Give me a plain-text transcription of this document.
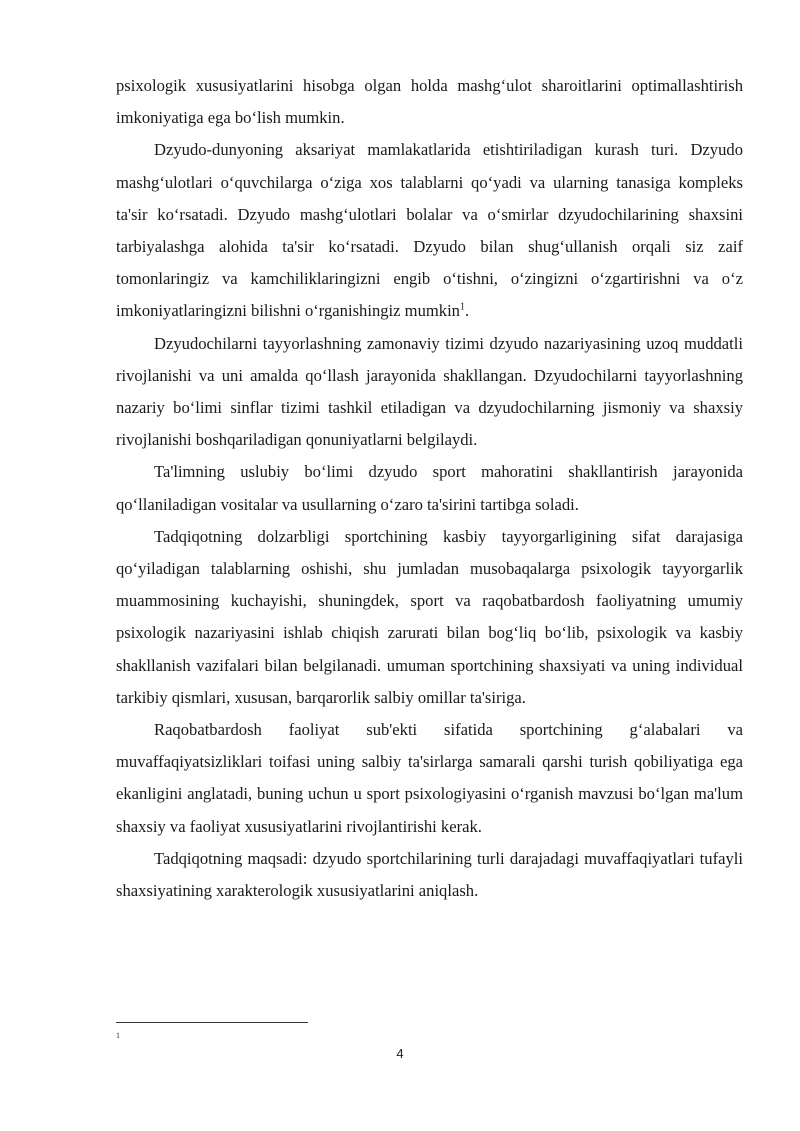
psixologik xususiyatlarini hisobga olgan holda mashg‘ulot sharoitlarini optimallashtirish imkoniyatiga ega bo‘lish mumkin.

Dzyudo-dunyoning aksariyat mamlakatlarida etishtiriladigan kurash turi. Dzyudo mashg‘ulotlari o‘quvchilarga o‘ziga xos talablarni qo‘yadi va ularning tanasiga kompleks ta'sir ko‘rsatadi. Dzyudo mashg‘ulotlari bolalar va o‘smirlar dzyudochilarining shaxsini tarbiyalashga alohida ta'sir ko‘rsatadi. Dzyudo bilan shug‘ullanish orqali siz zaif tomonlaringiz va kamchiliklaringizni engib o‘tishni, o‘zingizni o‘zgartirishni va o‘z imkoniyatlaringizni bilishni o‘rganishingiz mumkin$^1$.

Dzyudochilarni tayyorlashning zamonaviy tizimi dzyudo nazariyasining uzoq muddatli rivojlanishi va uni amalda qo‘llash jarayonida shakllangan. Dzyudochilarni tayyorlashning nazariy bo‘limi sinflar tizimi tashkil etiladigan va dzyudochilarning jismoniy va shaxsiy rivojlanishi boshqariladigan qonuniyatlarni belgilaydi.

Ta'limning uslubiy bo‘limi dzyudo sport mahoratini shakllantirish jarayonida qo‘llaniladigan vositalar va usullarning o‘zaro ta'sirini tartibga soladi.

Tadqiqotning dolzarbligi sportchining kasbiy tayyorgarligining sifat darajasiga qo‘yiladigan talablarning oshishi, shu jumladan musobaqalarga psixologik tayyorgarlik muammosining kuchayishi, shuningdek, sport va raqobatbardosh faoliyatning umumiy psixologik nazariyasini ishlab chiqish zarurati bilan bog‘liq bo‘lib, psixologik va kasbiy shakllanish vazifalari bilan belgilanadi. umuman sportchining shaxsiyati va uning individual tarkibiy qismlari, xususan, barqarorlik salbiy omillar ta'siriga.

Raqobatbardosh faoliyat sub'ekti sifatida sportchining g‘alabalari va muvaffaqiyatsizliklari toifasi uning salbiy ta'sirlarga samarali qarshi turish qobiliyatiga ega ekanligini anglatadi, buning uchun u sport psixologiyasini o‘rganish mavzusi bo‘lgan ma'lum shaxsiy va faoliyat xususiyatlarini rivojlantirishi kerak.

Tadqiqotning maqsadi: dzyudo sportchilarining turli darajadagi muvaffaqiyatlari tufayli shaxsiyatining xarakterologik xususiyatlarini aniqlash.

1
4
